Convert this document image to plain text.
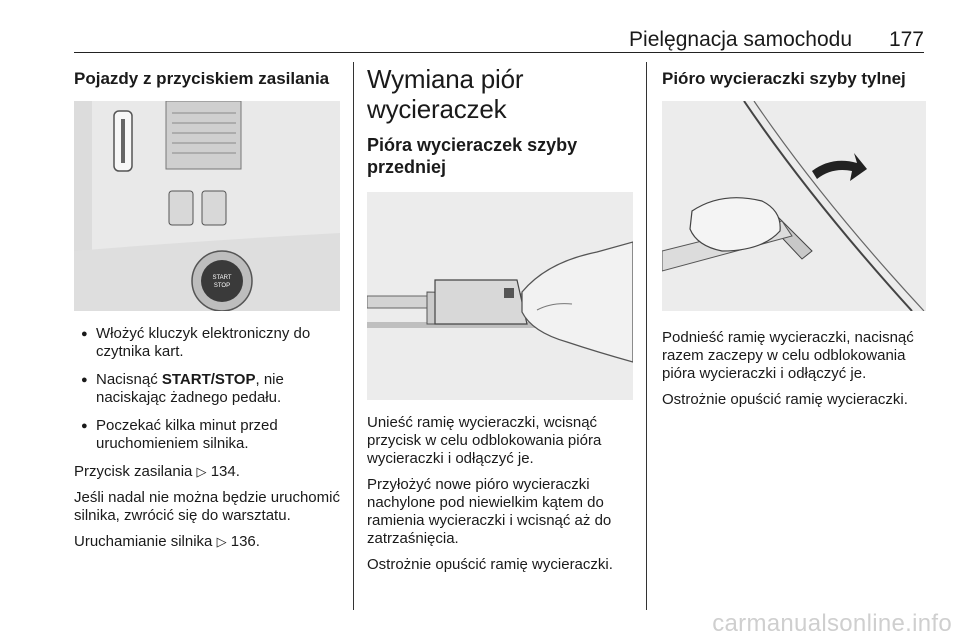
Pielęgnacja samochodu 177
Pojazdy z przyciskiem zasilania
START
STOP
● Włożyć kluczyk elektroniczny do czytnika kart.
● Nacisnąć START/STOP, nie
naciskając żadnego pedału.
● Poczekać kilka minut przed uruchomieniem silnika.

Przycisk zasilania ▷ 134.

Jeśli nadal nie można będzie uruchomić silnika, zwrócić się do warsztatu.

Uruchamianie silnika ▷ 136.

Wymiana piór wycieraczek
Pióra wycieraczek szyby przedniej

Unieść ramię wycieraczki, wcisnąć przycisk w celu odblokowania pióra wycieraczki i odłączyć je.

Przyłożyć nowe pióro wycieraczki nachylone pod niewielkim kątem do ramienia wycieraczki i wcisnąć aż do zatrzaśnięcia.

Ostrożnie opuścić ramię wycieraczki.

Pióro wycieraczki szyby tylnej

Podnieść ramię wycieraczki, nacisnąć razem zaczepy w celu odblokowania pióra wycieraczki i odłączyć je.

Ostrożnie opuścić ramię wycieraczki.

carmanualsonline.info
